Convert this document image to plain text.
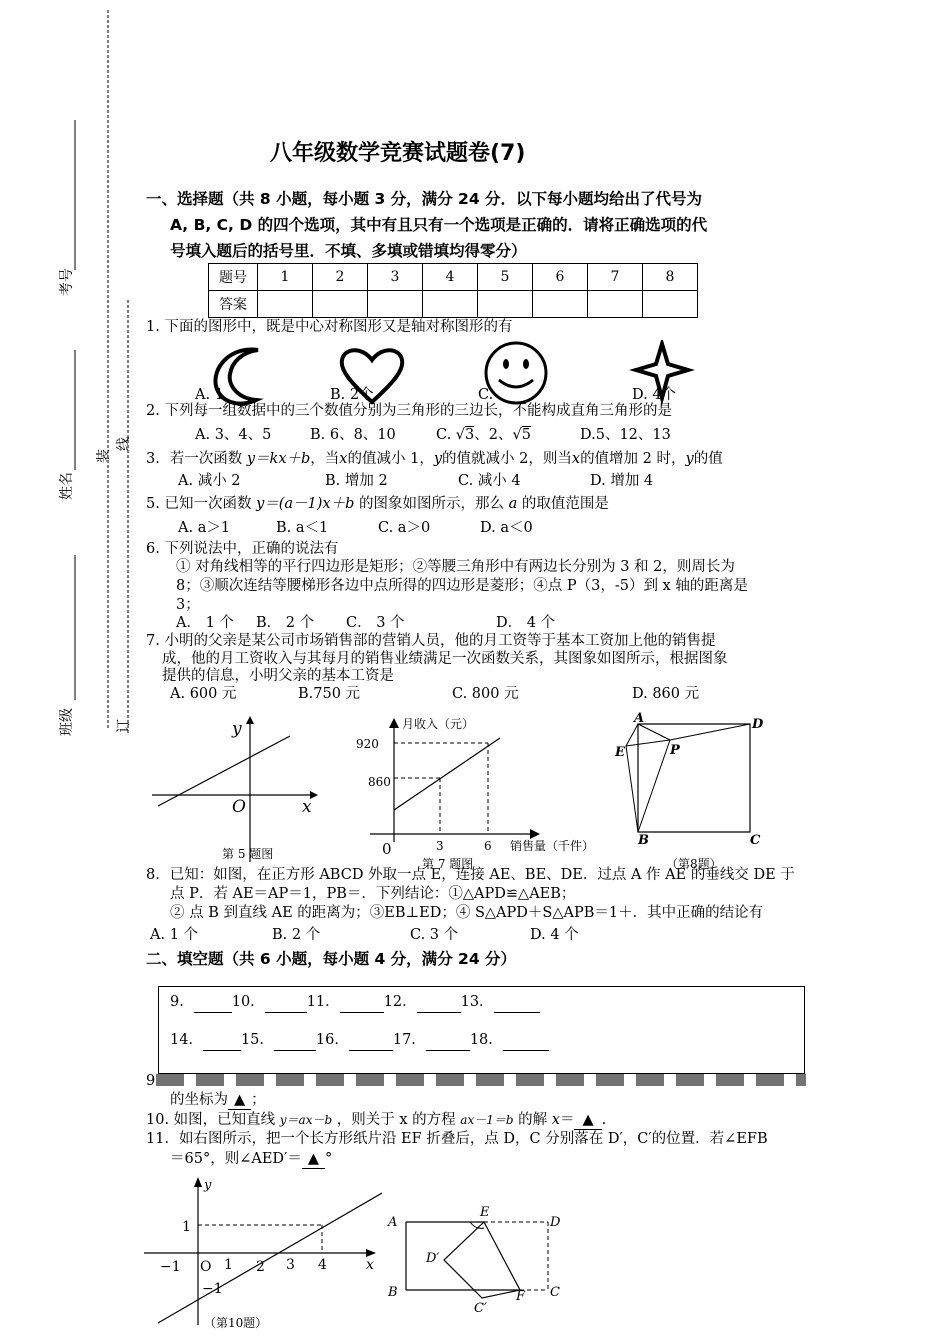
考号
姓名
班级
装
线
订
八年级数学竞赛试题卷(7)
一、选择题（共 8 小题，每小题 3 分，满分 24 分．以下每小题均给出了代号为
A, B, C, D 的四个选项，其中有且只有一个选项是正确的．请将正确选项的代
号填入题后的括号里．不填、多填或错填均得零分）
题号	1	2	3	4	5	6	7	8
答案								
1. 下面的图形中，既是中心对称图形又是轴对称图形的有
A. 1	B. 2个	C.	D. 4个
2. 下列每一组数据中的三个数值分别为三角形的三边长，不能构成直角三角形的是
A. 3、4、5	B. 6、8、10	C. √3、2、√5	D.5、12、13
3．若一次函数 y＝kx＋b，当x的值减小 1，y的值就减小 2，则当x的值增加 2 时，y的值
A. 减小 2	B. 增加 2	C. 减小 4	D. 增加 4
5. 已知一次函数 y＝(a－1)x＋b 的图象如图所示，那么 a 的取值范围是
A. a＞1	B. a＜1	C. a＞0	D. a＜0
6. 下列说法中，正确的说法有
① 对角线相等的平行四边形是矩形；②等腰三角形中有两边长分别为 3 和 2，则周长为
8；③顺次连结等腰梯形各边中点所得的四边形是菱形；④点 P（3，-5）到 x 轴的距离是
3；
A． 1 个 B． 2 个 C． 3 个	D． 4 个
7. 小明的父亲是某公司市场销售部的营销人员，他的月工资等于基本工资加上他的销售提
成，他的月工资收入与其每月的销售业绩满足一次函数关系，其图象如图所示，根据图象
提供的信息，小明父亲的基本工资是
A. 600 元	B.750 元	C. 800 元	D. 860 元
y
O	x
第 5 题图
月收入（元）
920
860
0	3	6 销售量（千件）
第 7 题图
A	D
E	P
B	C
（第8题）
8．已知：如图，在正方形 ABCD 外取一点 E，连接 AE、BE、DE．过点 A 作 AE 的垂线交 DE 于
点 P．若 AE＝AP＝1，PB＝．下列结论：①△APD≌△AEB；
② 点 B 到直线 AE 的距离为；③EB⊥ED；④ S△APD＋S△APB＝1＋．其中正确的结论有
A. 1 个	B. 2 个	C. 3 个	D. 4 个
二、填空题（共 6 小题，每小题 4 分，满分 24 分）
9．	10．	11．	12．	13．
14．	15．	16．	17．	18．
9
的坐标为 ▲ ；
10. 如图，已知直线 y＝ax－b ，则关于 x 的方程 ax－1＝b 的解 x＝ ▲ .
11．如右图所示，把一个长方形纸片沿 EF 折叠后，点 D，C 分别落在 D′，C′的位置．若∠EFB
＝65°，则∠AED′＝ ▲ °
y
x
1
−1 O 1 2 3 4
−1
（第10题）
A
E
D
D′
B
C′
F C
